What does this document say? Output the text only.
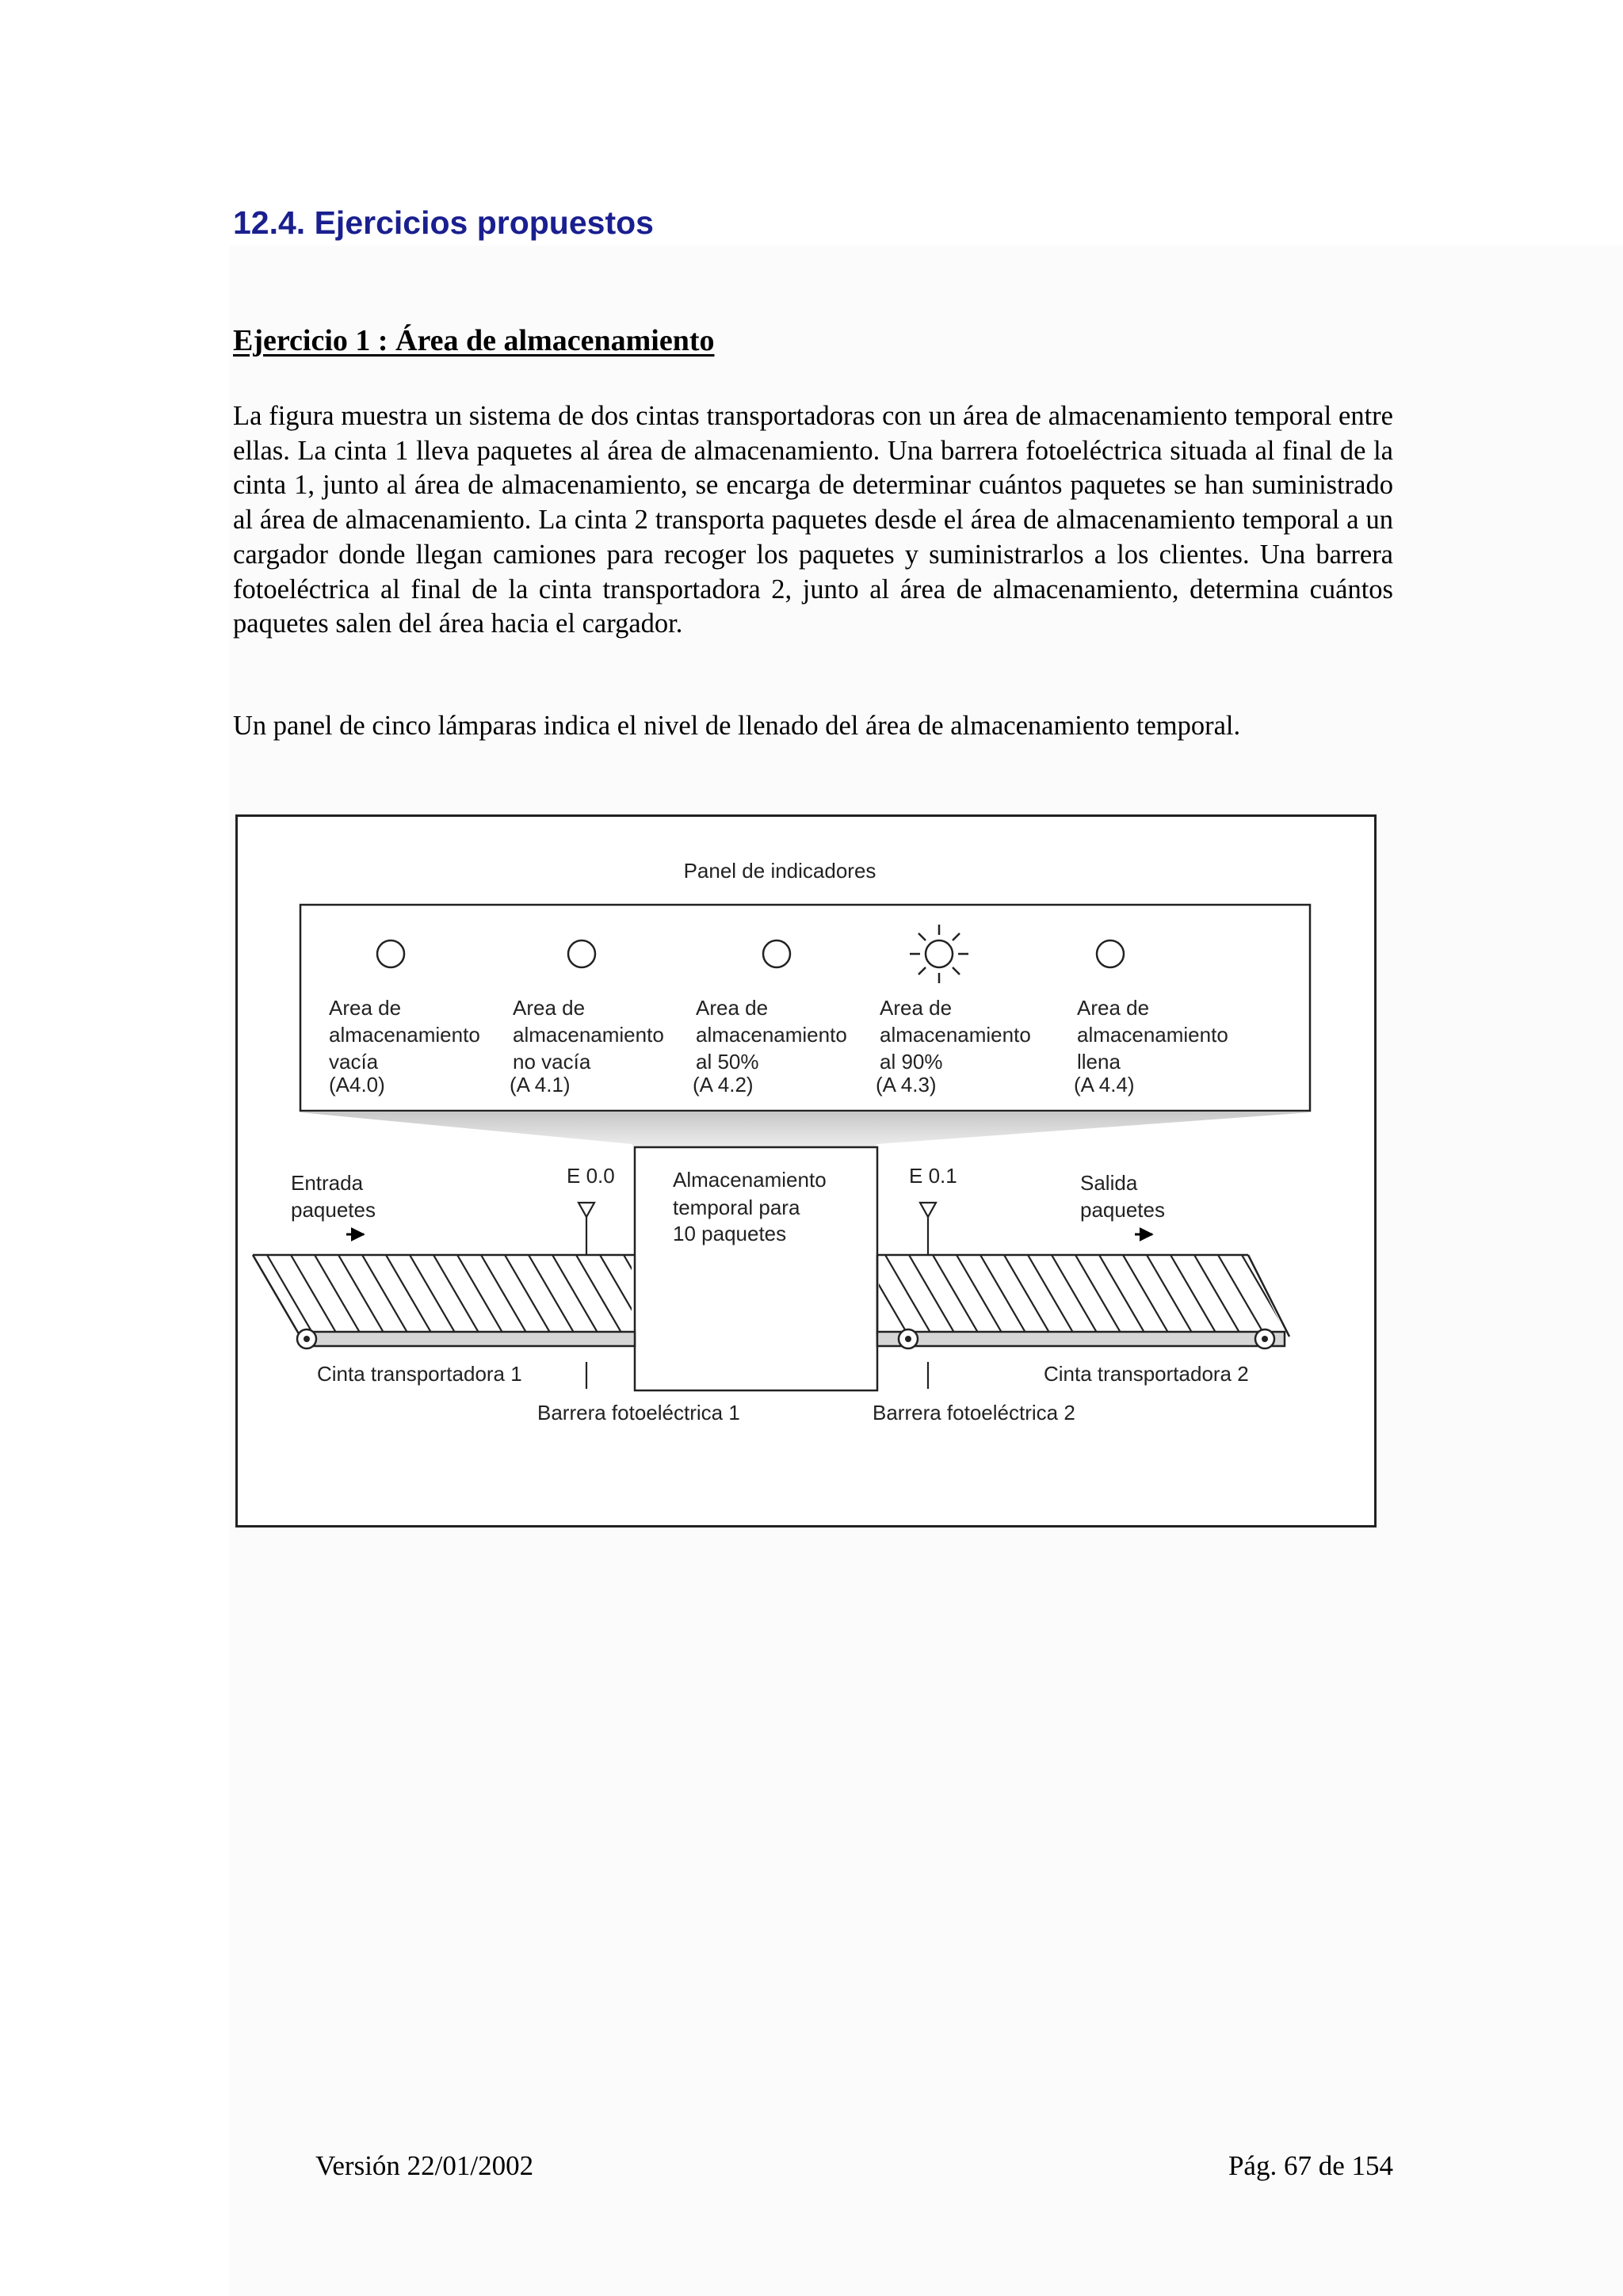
12.4. Ejercicios propuestos
Ejercicio 1 : Área de almacenamiento

La figura muestra un sistema de dos cintas transportadoras con un área de almacenamiento temporal entre ellas. La cinta 1 lleva paquetes al área de almacenamiento. Una barrera fotoeléctrica situada al final de la cinta 1, junto al área de almacenamiento, se encarga de determinar cuántos paquetes se han suministrado al área de almacenamiento. La cinta 2 transporta paquetes desde el área de almacenamiento temporal a un cargador donde llegan camiones para recoger los paquetes y suministrarlos a los clientes. Una barrera fotoeléctrica al final de la cinta transportadora 2, junto al área de almacenamiento, determina cuántos paquetes salen del área hacia el cargador.

Un panel de cinco lámparas indica el nivel de llenado del área de almacenamiento temporal.

Panel de indicadores
Area de
almacenamiento
vacía
(A4.0)
Area de
almacenamiento
no vacía
(A 4.1)
Area de
almacenamiento
al 50%
(A 4.2)
Area de
almacenamiento
al 90%
(A 4.3)
Area de
almacenamiento
llena
(A 4.4)
Entrada
paquetes
Salida
paquetes
Almacenamiento
temporal para
10 paquetes
E 0.0	E 0.1
Cinta transportadora 1	Cinta transportadora 2
Barrera fotoeléctrica 1	Barrera fotoeléctrica 2

Versión 22/01/2002	Pág. 67 de 154
